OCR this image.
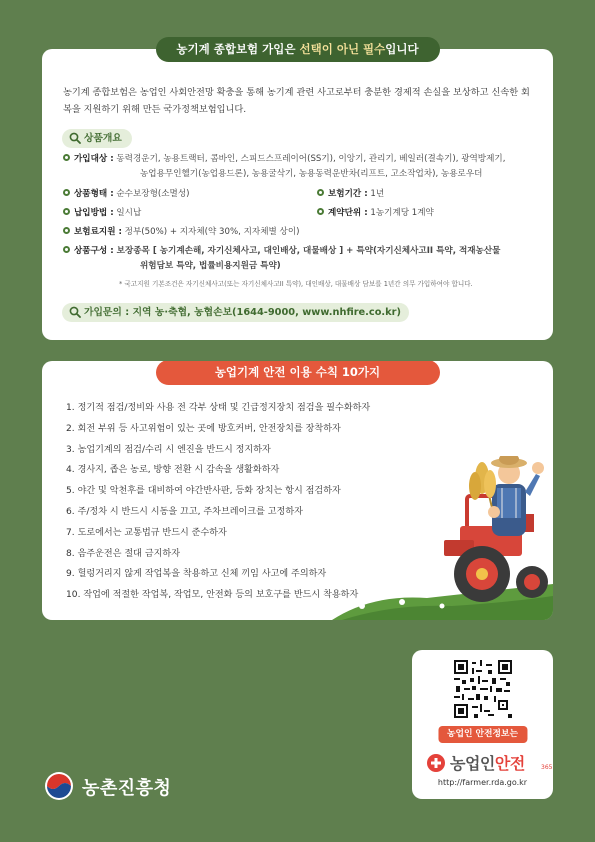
농기계 종합보험 가입은 선택이 아닌 필수입니다
농기계 종합보험은 농업인 사회안전망 확충을 통해 농기계 관련 사고로부터 충분한 경제적 손실을 보상하고 신속한 회복을 지원하기 위해 만든 국가정책보험입니다.
상품개요
가입대상 : 동력경운기, 농용트랙터, 콤바인, 스피드스프레이어(SS기), 이앙기, 관리기, 베일러(결속기), 광역방제기,
농업용무인헬기(농업용드론), 농용굴삭기, 농용동력운반차(리프트, 고소작업차), 농용로우더
상품형태 : 순수보장형(소멸성)	보험기간 : 1년
납입방법 : 일시납	계약단위 : 1농기계당 1계약
보험료지원 : 정부(50%) + 지자체(약 30%, 지자체별 상이)
상품구성 : 보장종목 [ 농기계손해, 자기신체사고, 대인배상, 대물배상 ] + 특약(자기신체사고II 특약, 적재농산물
위험담보 특약, 법률비용지원금 특약)
* 국고지원 기본조건은 자기신체사고(또는 자기신체사고II 특약), 대인배상, 대물배상 담보를 1년간 의무 가입하여야 합니다.
가입문의 : 지역 농·축협, 농협손보(1644-9000, www.nhfire.co.kr)
농업기계 안전 이용 수칙 10가지
1. 정기적 점검/정비와 사용 전 각부 상태 및 긴급정지장치 점검을 필수화하자
2. 회전 부위 등 사고위험이 있는 곳에 방호커버, 안전장치를 장착하자
3. 농업기계의 점검/수리 시 엔진을 반드시 정지하자
4. 경사지, 좁은 농로, 방향 전환 시 감속을 생활화하자
5. 야간 및 악천후를 대비하여 야간반사판, 등화 장치는 항시 점검하자
6. 주/정차 시 반드시 시동을 끄고, 주차브레이크를 고정하자
7. 도로에서는 교통법규 반드시 준수하자
8. 음주운전은 절대 금지하자
9. 헐렁거리지 않게 작업복을 착용하고 신체 끼임 사고에 주의하자
10. 작업에 적절한 작업복, 작업모, 안전화 등의 보호구를 반드시 착용하자
농업인 안전정보는
농업인안전	365
http://farmer.rda.go.kr
농촌진흥청
